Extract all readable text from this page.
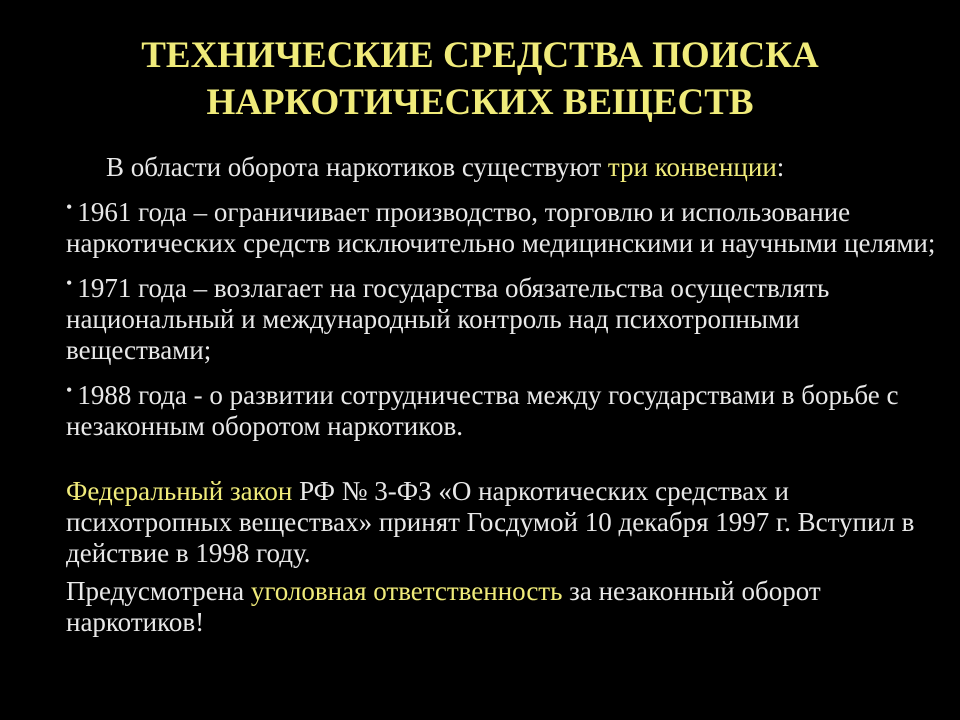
ТЕХНИЧЕСКИЕ СРЕДСТВА ПОИСКА
НАРКОТИЧЕСКИХ ВЕЩЕСТВ

В области оборота наркотиков существуют три конвенции:

• 1961 года – ограничивает производство, торговлю и использование наркотических средств исключительно медицинскими и научными целями;

• 1971 года – возлагает на государства обязательства осуществлять национальный и международный контроль над психотропными веществами;

• 1988 года - о развитии сотрудничества между государствами в борьбе с незаконным оборотом наркотиков.

Федеральный закон РФ № 3-ФЗ «О наркотических средствах и психотропных веществах» принят Госдумой 10 декабря 1997 г. Вступил в действие в 1998 году.

Предусмотрена уголовная ответственность за незаконный оборот наркотиков!
